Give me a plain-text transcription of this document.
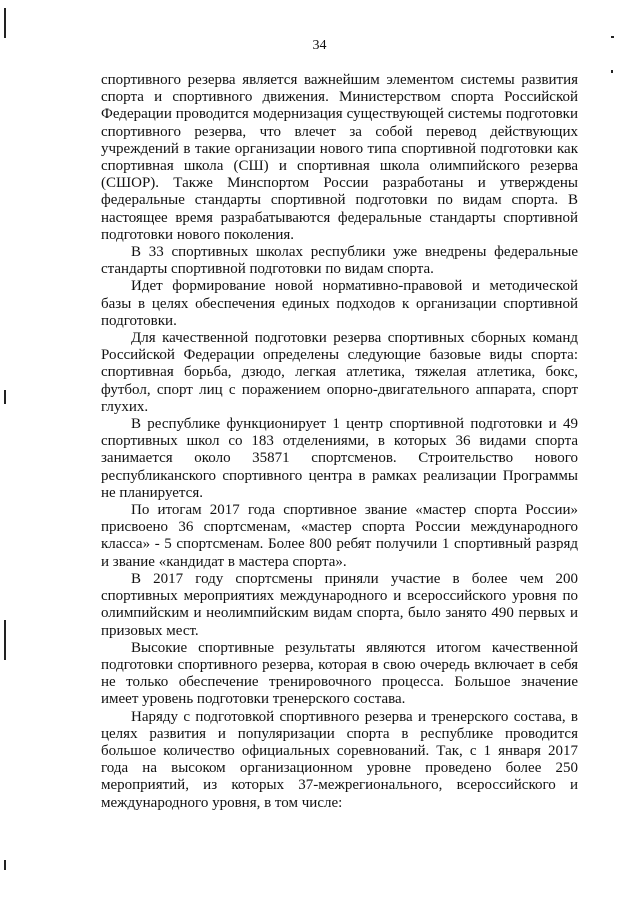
34

спортивного резерва является важнейшим элементом системы развития спорта и спортивного движения. Министерством спорта Российской Федерации проводится модернизация существующей системы подготовки спортивного резерва, что влечет за собой перевод действующих учреждений в такие организации нового типа спортивной подготовки как спортивная школа (СШ) и спортивная школа олимпийского резерва (СШОР). Также Минспортом России разработаны и утверждены федеральные стандарты спортивной подготовки по видам спорта. В настоящее время разрабатываются федеральные стандарты спортивной подготовки нового поколения.

В 33 спортивных школах республики уже внедрены федеральные стандарты спортивной подготовки по видам спорта.

Идет формирование новой нормативно-правовой и методической базы в целях обеспечения единых подходов к организации спортивной подготовки.

Для качественной подготовки резерва спортивных сборных команд Российской Федерации определены следующие базовые виды спорта: спортивная борьба, дзюдо, легкая атлетика, тяжелая атлетика, бокс, футбол, спорт лиц с поражением опорно-двигательного аппарата, спорт глухих.

В республике функционирует 1 центр спортивной подготовки и 49 спортивных школ со 183 отделениями, в которых 36 видами спорта занимается около 35871 спортсменов. Строительство нового республиканского спортивного центра в рамках реализации Программы не планируется.

По итогам 2017 года спортивное звание «мастер спорта России» присвоено 36 спортсменам, «мастер спорта России международного класса» - 5 спортсменам. Более 800 ребят получили 1 спортивный разряд и звание «кандидат в мастера спорта».

В 2017 году спортсмены приняли участие в более чем 200 спортивных мероприятиях международного и всероссийского уровня по олимпийским и неолимпийским видам спорта, было занято 490 первых и призовых мест.

Высокие спортивные результаты являются итогом качественной подготовки спортивного резерва, которая в свою очередь включает в себя не только обеспечение тренировочного процесса. Большое значение имеет уровень подготовки тренерского состава.

Наряду с подготовкой спортивного резерва и тренерского состава, в целях развития и популяризации спорта в республике проводится большое количество официальных соревнований. Так, с 1 января 2017 года на высоком организационном уровне проведено более 250 мероприятий, из которых 37-межрегионального, всероссийского и международного уровня, в том числе:
